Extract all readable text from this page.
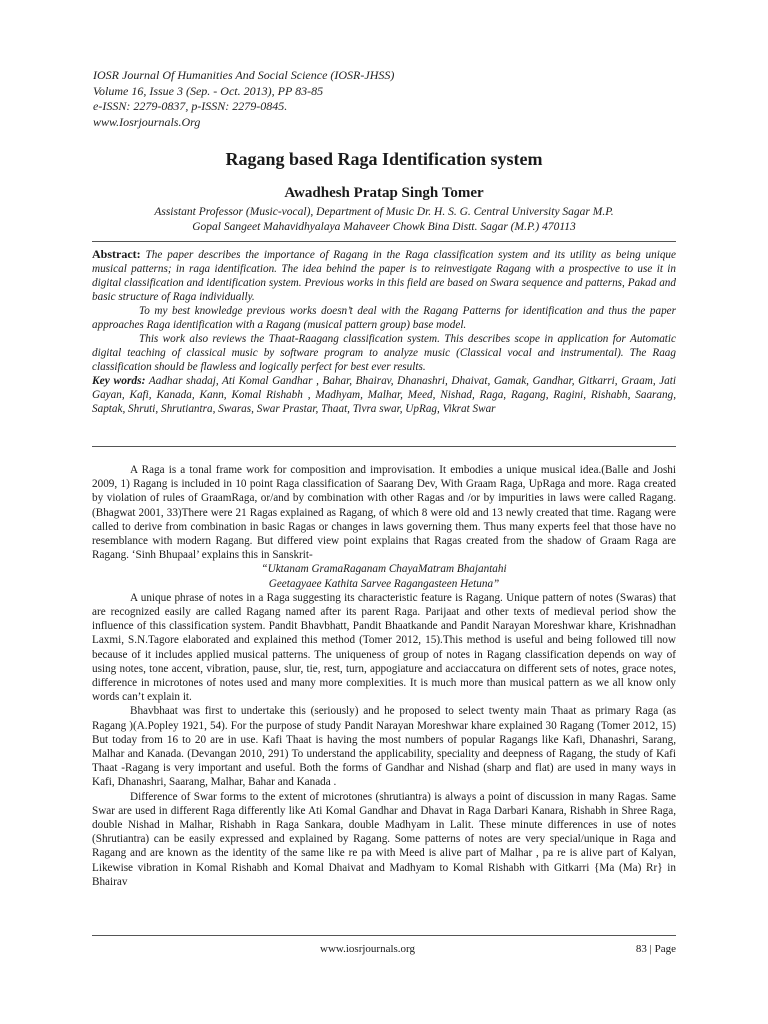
IOSR Journal Of Humanities And Social Science (IOSR-JHSS)
Volume 16, Issue 3 (Sep. - Oct. 2013), PP 83-85
e-ISSN: 2279-0837, p-ISSN: 2279-0845.
www.Iosrjournals.Org
Ragang based Raga Identification system
Awadhesh Pratap Singh Tomer
Assistant Professor (Music-vocal), Department of Music Dr. H. S. G. Central University Sagar M.P.
Gopal Sangeet Mahavidhyalaya Mahaveer Chowk Bina Distt. Sagar (M.P.) 470113

Abstract: The paper describes the importance of Ragang in the Raga classification system and its utility as being unique musical patterns; in raga identification. The idea behind the paper is to reinvestigate Ragang with a prospective to use it in digital classification and identification system. Previous works in this field are based on Swara sequence and patterns, Pakad and basic structure of Raga individually.

To my best knowledge previous works doesn’t deal with the Ragang Patterns for identification and thus the paper approaches Raga identification with a Ragang (musical pattern group) base model.

This work also reviews the Thaat-Raagang classification system. This describes scope in application for Automatic digital teaching of classical music by software program to analyze music (Classical vocal and instrumental). The Raag classification should be flawless and logically perfect for best ever results.

Key words: Aadhar shadaj, Ati Komal Gandhar , Bahar, Bhairav, Dhanashri, Dhaivat, Gamak, Gandhar, Gitkarri, Graam, Jati Gayan, Kafi, Kanada, Kann, Komal Rishabh , Madhyam, Malhar, Meed, Nishad, Raga, Ragang, Ragini, Rishabh, Saarang, Saptak, Shruti, Shrutiantra, Swaras, Swar Prastar, Thaat, Tivra swar, UpRag, Vikrat Swar

A Raga is a tonal frame work for composition and improvisation. It embodies a unique musical idea.(Balle and Joshi 2009, 1) Ragang is included in 10 point Raga classification of Saarang Dev, With Graam Raga, UpRaga and more. Raga created by violation of rules of GraamRaga, or/and by combination with other Ragas and /or by impurities in laws were called Ragang.(Bhagwat 2001, 33)There were 21 Ragas explained as Ragang, of which 8 were old and 13 newly created that time. Ragang were called to derive from combination in basic Ragas or changes in laws governing them. Thus many experts feel that those have no resemblance with modern Ragang. But differed view point explains that Ragas created from the shadow of Graam Raga are Ragang. ‘Sinh Bhupaal’ explains this in Sanskrit-

“Uktanam GramaRaganam ChayaMatram Bhajantahi

Geetagyaee Kathita Sarvee Ragangasteen Hetuna”

A unique phrase of notes in a Raga suggesting its characteristic feature is Ragang. Unique pattern of notes (Swaras) that are recognized easily are called Ragang named after its parent Raga. Parijaat and other texts of medieval period show the influence of this classification system. Pandit Bhavbhatt, Pandit Bhaatkande and Pandit Narayan Moreshwar khare, Krishnadhan Laxmi, S.N.Tagore elaborated and explained this method (Tomer 2012, 15).This method is useful and being followed till now because of it includes applied musical patterns. The uniqueness of group of notes in Ragang classification depends on way of using notes, tone accent, vibration, pause, slur, tie, rest, turn, appogiature and acciaccatura on different sets of notes, grace notes, difference in microtones of notes used and many more complexities. It is much more than musical pattern as we all know only words can’t explain it.

Bhavbhaat was first to undertake this (seriously) and he proposed to select twenty main Thaat as primary Raga (as Ragang )(A.Popley 1921, 54). For the purpose of study Pandit Narayan Moreshwar khare explained 30 Ragang (Tomer 2012, 15) But today from 16 to 20 are in use. Kafi Thaat is having the most numbers of popular Ragangs like Kafi, Dhanashri, Sarang, Malhar and Kanada. (Devangan 2010, 291) To understand the applicability, speciality and deepness of Ragang, the study of Kafi Thaat -Ragang is very important and useful. Both the forms of Gandhar and Nishad (sharp and flat) are used in many ways in Kafi, Dhanashri, Saarang, Malhar, Bahar and Kanada .

Difference of Swar forms to the extent of microtones (shrutiantra) is always a point of discussion in many Ragas. Same Swar are used in different Raga differently like Ati Komal Gandhar and Dhavat in Raga Darbari Kanara, Rishabh in Shree Raga, double Nishad in Malhar, Rishabh in Raga Sankara, double Madhyam in Lalit. These minute differences in use of notes (Shrutiantra) can be easily expressed and explained by Ragang. Some patterns of notes are very special/unique in Raga and Ragang and are known as the identity of the same like re pa with Meed is alive part of Malhar , pa re is alive part of Kalyan, Likewise vibration in Komal Rishabh and Komal Dhaivat and Madhyam to Komal Rishabh with Gitkarri {Ma (Ma) Rr} in Bhairav

www.iosrjournals.org	83 | Page
